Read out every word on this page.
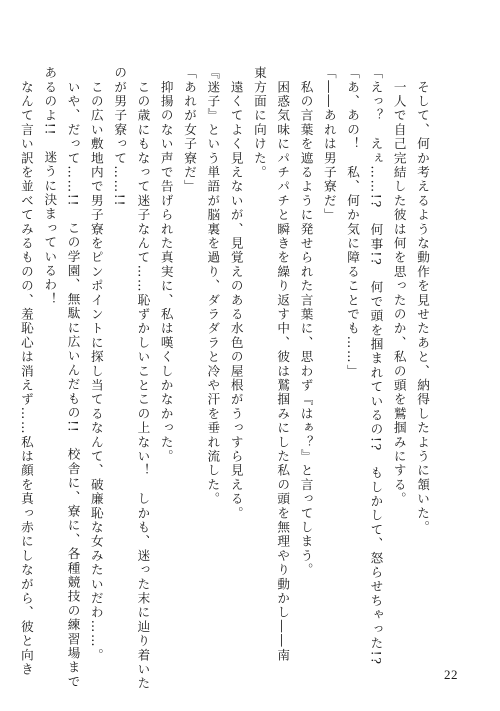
　そして、何か考えるような動作を見せたあと、納得したように頷いた。
　一人で自己完結した彼は何を思ったのか、私の頭を鷲掴みにする。
「えっ？　えぇ……!?　何事!?　何で頭を掴まれているの!?　もしかして、怒らせちゃった!?
「あ、あの！　私、何か気に障ることでも……」
「――あれは男子寮だ」
　私の言葉を遮るように発せられた言葉に、思わず『はぁ？』と言ってしまう。
　困惑気味にパチパチと瞬きを繰り返す中、彼は鷲掴みにした私の頭を無理やり動かし――南
東方面に向けた。
　遠くてよく見えないが、見覚えのある水色の屋根がうっすら見える。
『迷子』という単語が脳裏を過り、ダラダラと冷や汗を垂れ流した。
「あれが女子寮だ」
　抑揚のない声で告げられた真実に、私は嘆くしかなかった。
　この歳にもなって迷子なんて……恥ずかしいことこの上ない！　しかも、迷った末に辿り着いた
のが男子寮って……!!
　この広い敷地内で男子寮をピンポイントに探し当てるなんて、破廉恥な女みたいだわ……。
　いや、だって……!!　この学園、無駄に広いんだもの!!　校舎に、寮に、各種競技の練習場まで
あるのよ!!　迷うに決まっているわ！
　なんて言い訳を並べてみるものの、羞恥心は消えず……私は顔を真っ赤にしながら、彼と向き	22
